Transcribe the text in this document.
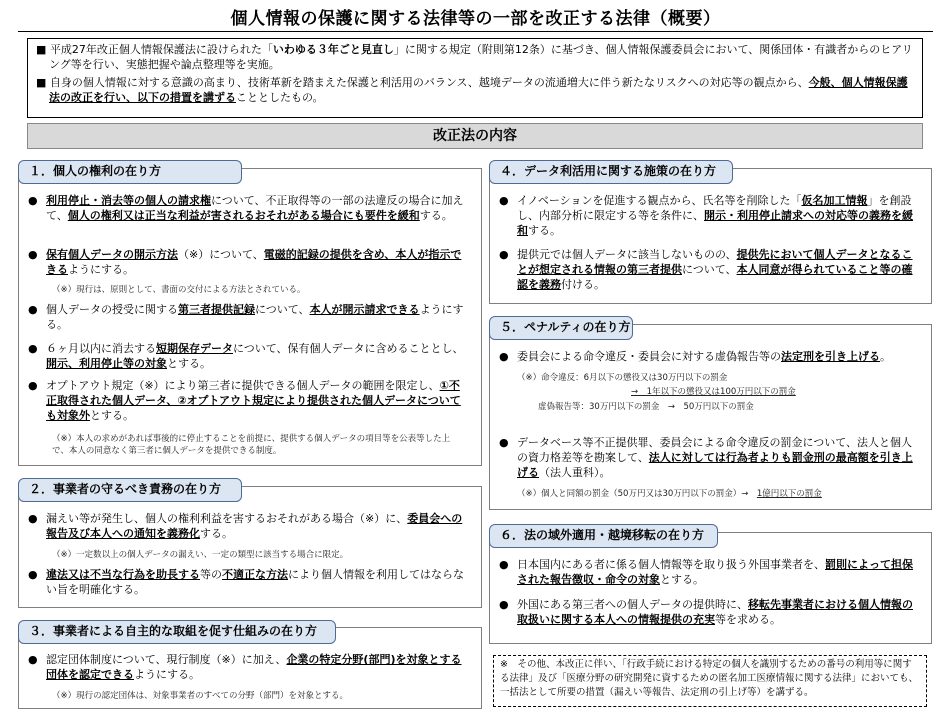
個人情報の保護に関する法律等の一部を改正する法律（概要）

■ 平成27年改正個人情報保護法に設けられた「いわゆる３年ごと見直し」に関する規定（附則第12条）に基づき、個人情報保護委員会において、関係団体・有識者からのヒアリング等を行い、実態把握や論点整理等を実施。

■ 自身の個人情報に対する意識の高まり、技術革新を踏まえた保護と利活用のバランス、越境データの流通増大に伴う新たなリスクへの対応等の観点から、今般、個人情報保護法の改正を行い、以下の措置を講ずることとしたもの。

改正法の内容
１．個人の権利の在り方
● 利用停止・消去等の個人の請求権について、不正取得等の一部の法違反の場合に加えて、個人の権利又は正当な利益が害されるおそれがある場合にも要件を緩和する。
● 保有個人データの開示方法（※）について、電磁的記録の提供を含め、本人が指示できるようにする。
（※）現行は、原則として、書面の交付による方法とされている。
● 個人データの授受に関する第三者提供記録について、本人が開示請求できるようにする。
● ６ヶ月以内に消去する短期保存データについて、保有個人データに含めることとし、開示、利用停止等の対象とする。
● オプトアウト規定（※）により第三者に提供できる個人データの範囲を限定し、①不正取得された個人データ、②オプトアウト規定により提供された個人データについても対象外とする。
（※）本人の求めがあれば事後的に停止することを前提に、提供する個人データの項目等を公表等した上で、本人の同意なく第三者に個人データを提供できる制度。
２．事業者の守るべき責務の在り方
● 漏えい等が発生し、個人の権利利益を害するおそれがある場合（※）に、委員会への報告及び本人への通知を義務化する。
（※）一定数以上の個人データの漏えい、一定の類型に該当する場合に限定。
● 違法又は不当な行為を助長する等の不適正な方法により個人情報を利用してはならない旨を明確化する。
３．事業者による自主的な取組を促す仕組みの在り方
● 認定団体制度について、現行制度（※）に加え、企業の特定分野(部門)を対象とする団体を認定できるようにする。
（※）現行の認定団体は、対象事業者のすべての分野（部門）を対象とする。
４．データ利活用に関する施策の在り方
● イノベーションを促進する観点から、氏名等を削除した「仮名加工情報」を創設し、内部分析に限定する等を条件に、開示・利用停止請求への対応等の義務を緩和する。
● 提供元では個人データに該当しないものの、提供先において個人データとなることが想定される情報の第三者提供について、本人同意が得られていること等の確認を義務付ける。
５．ペナルティの在り方
● 委員会による命令違反・委員会に対する虚偽報告等の法定刑を引き上げる。
（※）命令違反：6月以下の懲役又は30万円以下の罰金
→　1年以下の懲役又は100万円以下の罰金
虚偽報告等：30万円以下の罰金　→　50万円以下の罰金
● データベース等不正提供罪、委員会による命令違反の罰金について、法人と個人の資力格差等を勘案して、法人に対しては行為者よりも罰金刑の最高額を引き上げる（法人重科）。
（※）個人と同額の罰金（50万円又は30万円以下の罰金）→　1億円以下の罰金
６．法の域外適用・越境移転の在り方
● 日本国内にある者に係る個人情報等を取り扱う外国事業者を、罰則によって担保された報告徴収・命令の対象とする。
● 外国にある第三者への個人データの提供時に、移転先事業者における個人情報の取扱いに関する本人への情報提供の充実等を求める。
※　その他、本改正に伴い、「行政手続における特定の個人を識別するための番号の利用等に関する法律」及び「医療分野の研究開発に資するための匿名加工医療情報に関する法律」においても、一括法として所要の措置（漏えい等報告、法定刑の引上げ等）を講ずる。
